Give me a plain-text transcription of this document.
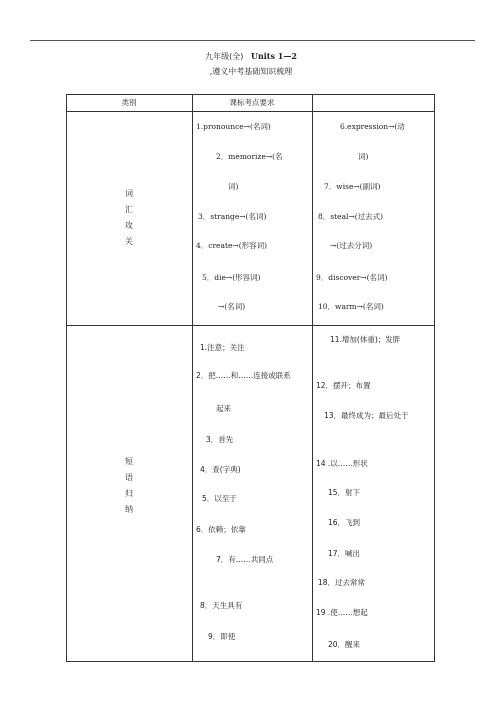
九年级(全) Units 1—2
,遵义中考基础知识梳理
类别	课标考点要求
词
汇
攻
关
1.pronounce→(名词)
2．memorize→(名
词)
3．strange→(名词)
4．create→(形容词)
5．die→(形容词)
→(名词)
6.expression→(动
词)
7．wise→(副词)
8．steal→(过去式)
→(过去分词)
9．discover→(名词)
10．warm→(名词)
短
语
归
纳
1.注意；关注
2．把……和……连接或联系
起来
3．首先
4．查(字典)
5．以至于
6．依赖；依靠
7．有……共同点
8．天生具有
9．即使
11.增加(体重)；发胖
12．摆开；布置
13．最终成为；最后处于
14 .以……形状
15．射下
16．飞到
17．喊出
18．过去常常
19 .使……想起
20．醒来
